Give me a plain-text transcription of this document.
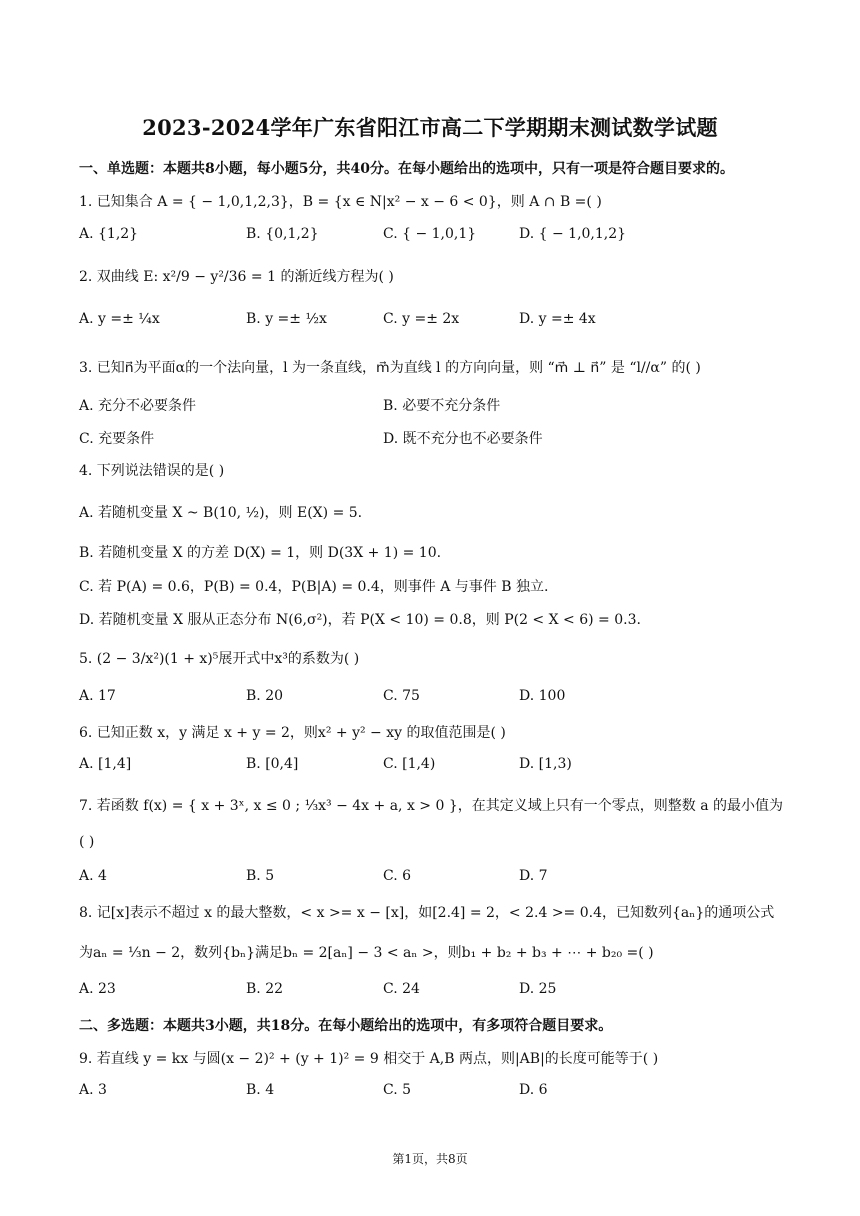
2023-2024学年广东省阳江市高二下学期期末测试数学试题
一、单选题：本题共8小题，每小题5分，共40分。在每小题给出的选项中，只有一项是符合题目要求的。
1. 已知集合 A = { − 1,0,1,2,3}，B = {x ∈ N|x² − x − 6 < 0}，则 A ∩ B =( )
A. {1,2}	B. {0,1,2}	C. { − 1,0,1}	D. { − 1,0,1,2}
2. 双曲线 E: x²/9 − y²/36 = 1 的渐近线方程为( )
A. y =± ¼x	B. y =± ½x	C. y =± 2x	D. y =± 4x
3. 已知n⃗为平面α的一个法向量，l 为一条直线，m⃗为直线 l 的方向向量，则 “m⃗ ⊥ n⃗” 是 “l//α” 的( )
A. 充分不必要条件	B. 必要不充分条件
C. 充要条件	D. 既不充分也不必要条件
4. 下列说法错误的是( )
A. 若随机变量 X ~ B(10, ½)，则 E(X) = 5.
B. 若随机变量 X 的方差 D(X) = 1，则 D(3X + 1) = 10.
C. 若 P(A) = 0.6，P(B) = 0.4，P(B|A) = 0.4，则事件 A 与事件 B 独立.
D. 若随机变量 X 服从正态分布 N(6,σ²)，若 P(X < 10) = 0.8，则 P(2 < X < 6) = 0.3.
5. (2 − 3/x²)(1 + x)⁵展开式中x³的系数为( )
A. 17	B. 20	C. 75	D. 100
6. 已知正数 x，y 满足 x + y = 2，则x² + y² − xy 的取值范围是( )
A. [1,4]	B. [0,4]	C. [1,4)	D. [1,3)
7. 若函数 f(x) = { x + 3ˣ, x ≤ 0 ; ⅓x³ − 4x + a, x > 0 }，在其定义域上只有一个零点，则整数 a 的最小值为
( )
A. 4	B. 5	C. 6	D. 7
8. 记[x]表示不超过 x 的最大整数，< x >= x − [x]，如[2.4] = 2，< 2.4 >= 0.4，已知数列{aₙ}的通项公式
为aₙ = ⅓n − 2，数列{bₙ}满足bₙ = 2[aₙ] − 3 < aₙ >，则b₁ + b₂ + b₃ + ⋯ + b₂₀ =( )
A. 23	B. 22	C. 24	D. 25
二、多选题：本题共3小题，共18分。在每小题给出的选项中，有多项符合题目要求。
9. 若直线 y = kx 与圆(x − 2)² + (y + 1)² = 9 相交于 A,B 两点，则|AB|的长度可能等于( )
A. 3	B. 4	C. 5	D. 6
第1页，共8页
